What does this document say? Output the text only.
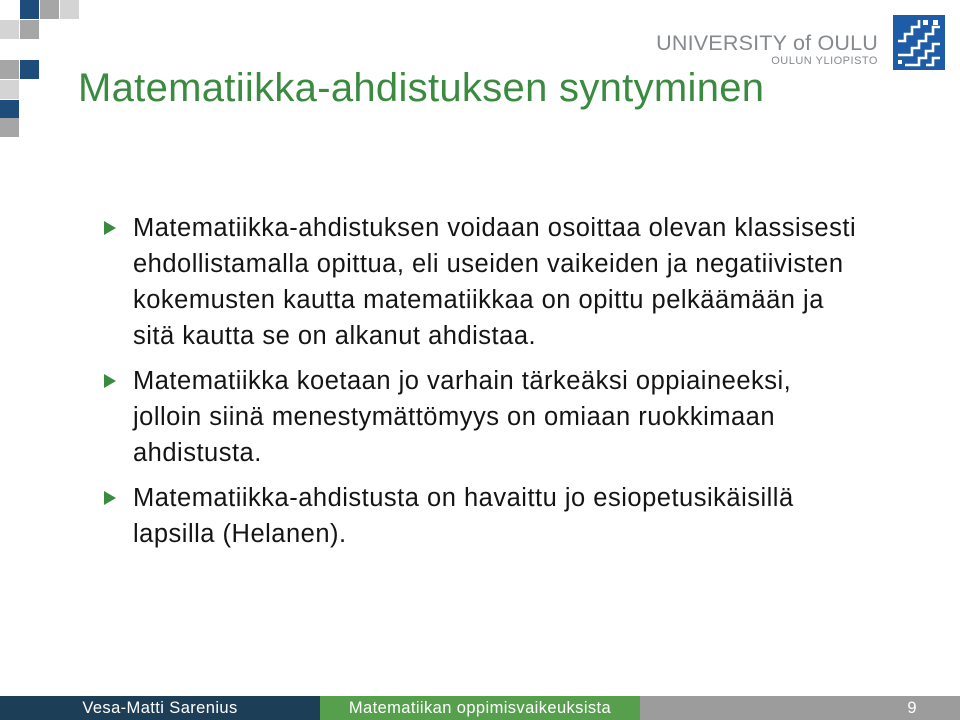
Matematiikka-ahdistuksen syntyminen
UNIVERSITY of OULU
OULUN YLIOPISTO
Matematiikka-ahdistuksen voidaan osoittaa olevan klassisesti
ehdollistamalla opittua, eli useiden vaikeiden ja negatiivisten
kokemusten kautta matematiikkaa on opittu pelkäämään ja
sitä kautta se on alkanut ahdistaa.
Matematiikka koetaan jo varhain tärkeäksi oppiaineeksi,
jolloin siinä menestymättömyys on omiaan ruokkimaan
ahdistusta.
Matematiikka-ahdistusta on havaittu jo esiopetusikäisillä
lapsilla (Helanen).
Vesa-Matti Sarenius	Matematiikan oppimisvaikeuksista	9
